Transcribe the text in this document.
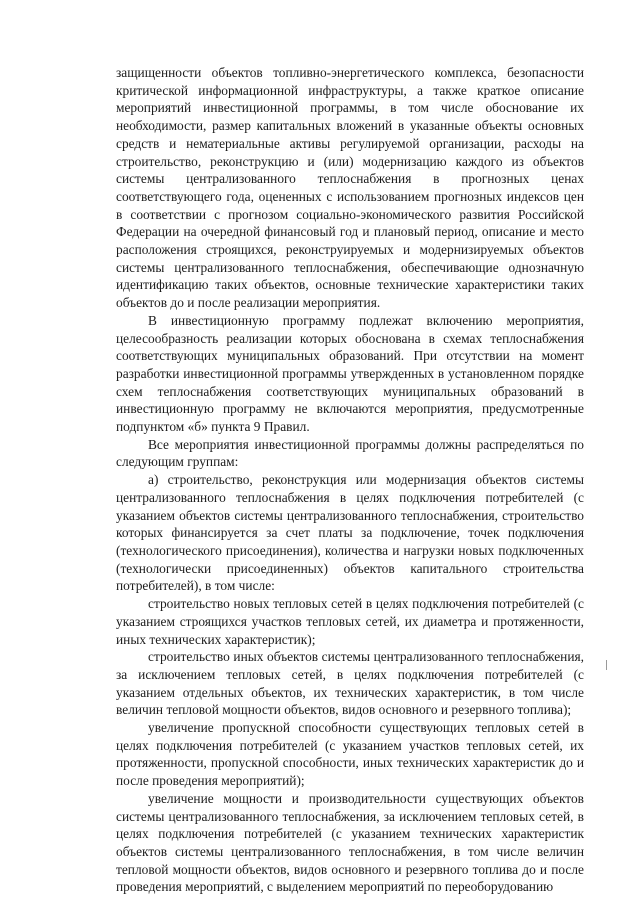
защищенности объектов топливно-энергетического комплекса, безопасности критической информационной инфраструктуры, а также краткое описание мероприятий инвестиционной программы, в том числе обоснование их необходимости, размер капитальных вложений в указанные объекты основных средств и нематериальные активы регулируемой организации, расходы на строительство, реконструкцию и (или) модернизацию каждого из объектов системы централизованного теплоснабжения в прогнозных ценах соответствующего года, оцененных с использованием прогнозных индексов цен в соответствии с прогнозом социально-экономического развития Российской Федерации на очередной финансовый год и плановый период, описание и место расположения строящихся, реконструируемых и модернизируемых объектов системы централизованного теплоснабжения, обеспечивающие однозначную идентификацию таких объектов, основные технические характеристики таких объектов до и после реализации мероприятия.

В инвестиционную программу подлежат включению мероприятия, целесообразность реализации которых обоснована в схемах теплоснабжения соответствующих муниципальных образований. При отсутствии на момент разработки инвестиционной программы утвержденных в установленном порядке схем теплоснабжения соответствующих муниципальных образований в инвестиционную программу не включаются мероприятия, предусмотренные подпунктом «б» пункта 9 Правил.

Все мероприятия инвестиционной программы должны распределяться по следующим группам:

а) строительство, реконструкция или модернизация объектов системы централизованного теплоснабжения в целях подключения потребителей (с указанием объектов системы централизованного теплоснабжения, строительство которых финансируется за счет платы за подключение, точек подключения (технологического присоединения), количества и нагрузки новых подключенных (технологически присоединенных) объектов капитального строительства потребителей), в том числе:

строительство новых тепловых сетей в целях подключения потребителей (с указанием строящихся участков тепловых сетей, их диаметра и протяженности, иных технических характеристик);

строительство иных объектов системы централизованного теплоснабжения, за исключением тепловых сетей, в целях подключения потребителей (с указанием отдельных объектов, их технических характеристик, в том числе величин тепловой мощности объектов, видов основного и резервного топлива);

увеличение пропускной способности существующих тепловых сетей в целях подключения потребителей (с указанием участков тепловых сетей, их протяженности, пропускной способности, иных технических характеристик до и после проведения мероприятий);

увеличение мощности и производительности существующих объектов системы централизованного теплоснабжения, за исключением тепловых сетей, в целях подключения потребителей (с указанием технических характеристик объектов системы централизованного теплоснабжения, в том числе величин тепловой мощности объектов, видов основного и резервного топлива до и после проведения мероприятий, с выделением мероприятий по переоборудованию
